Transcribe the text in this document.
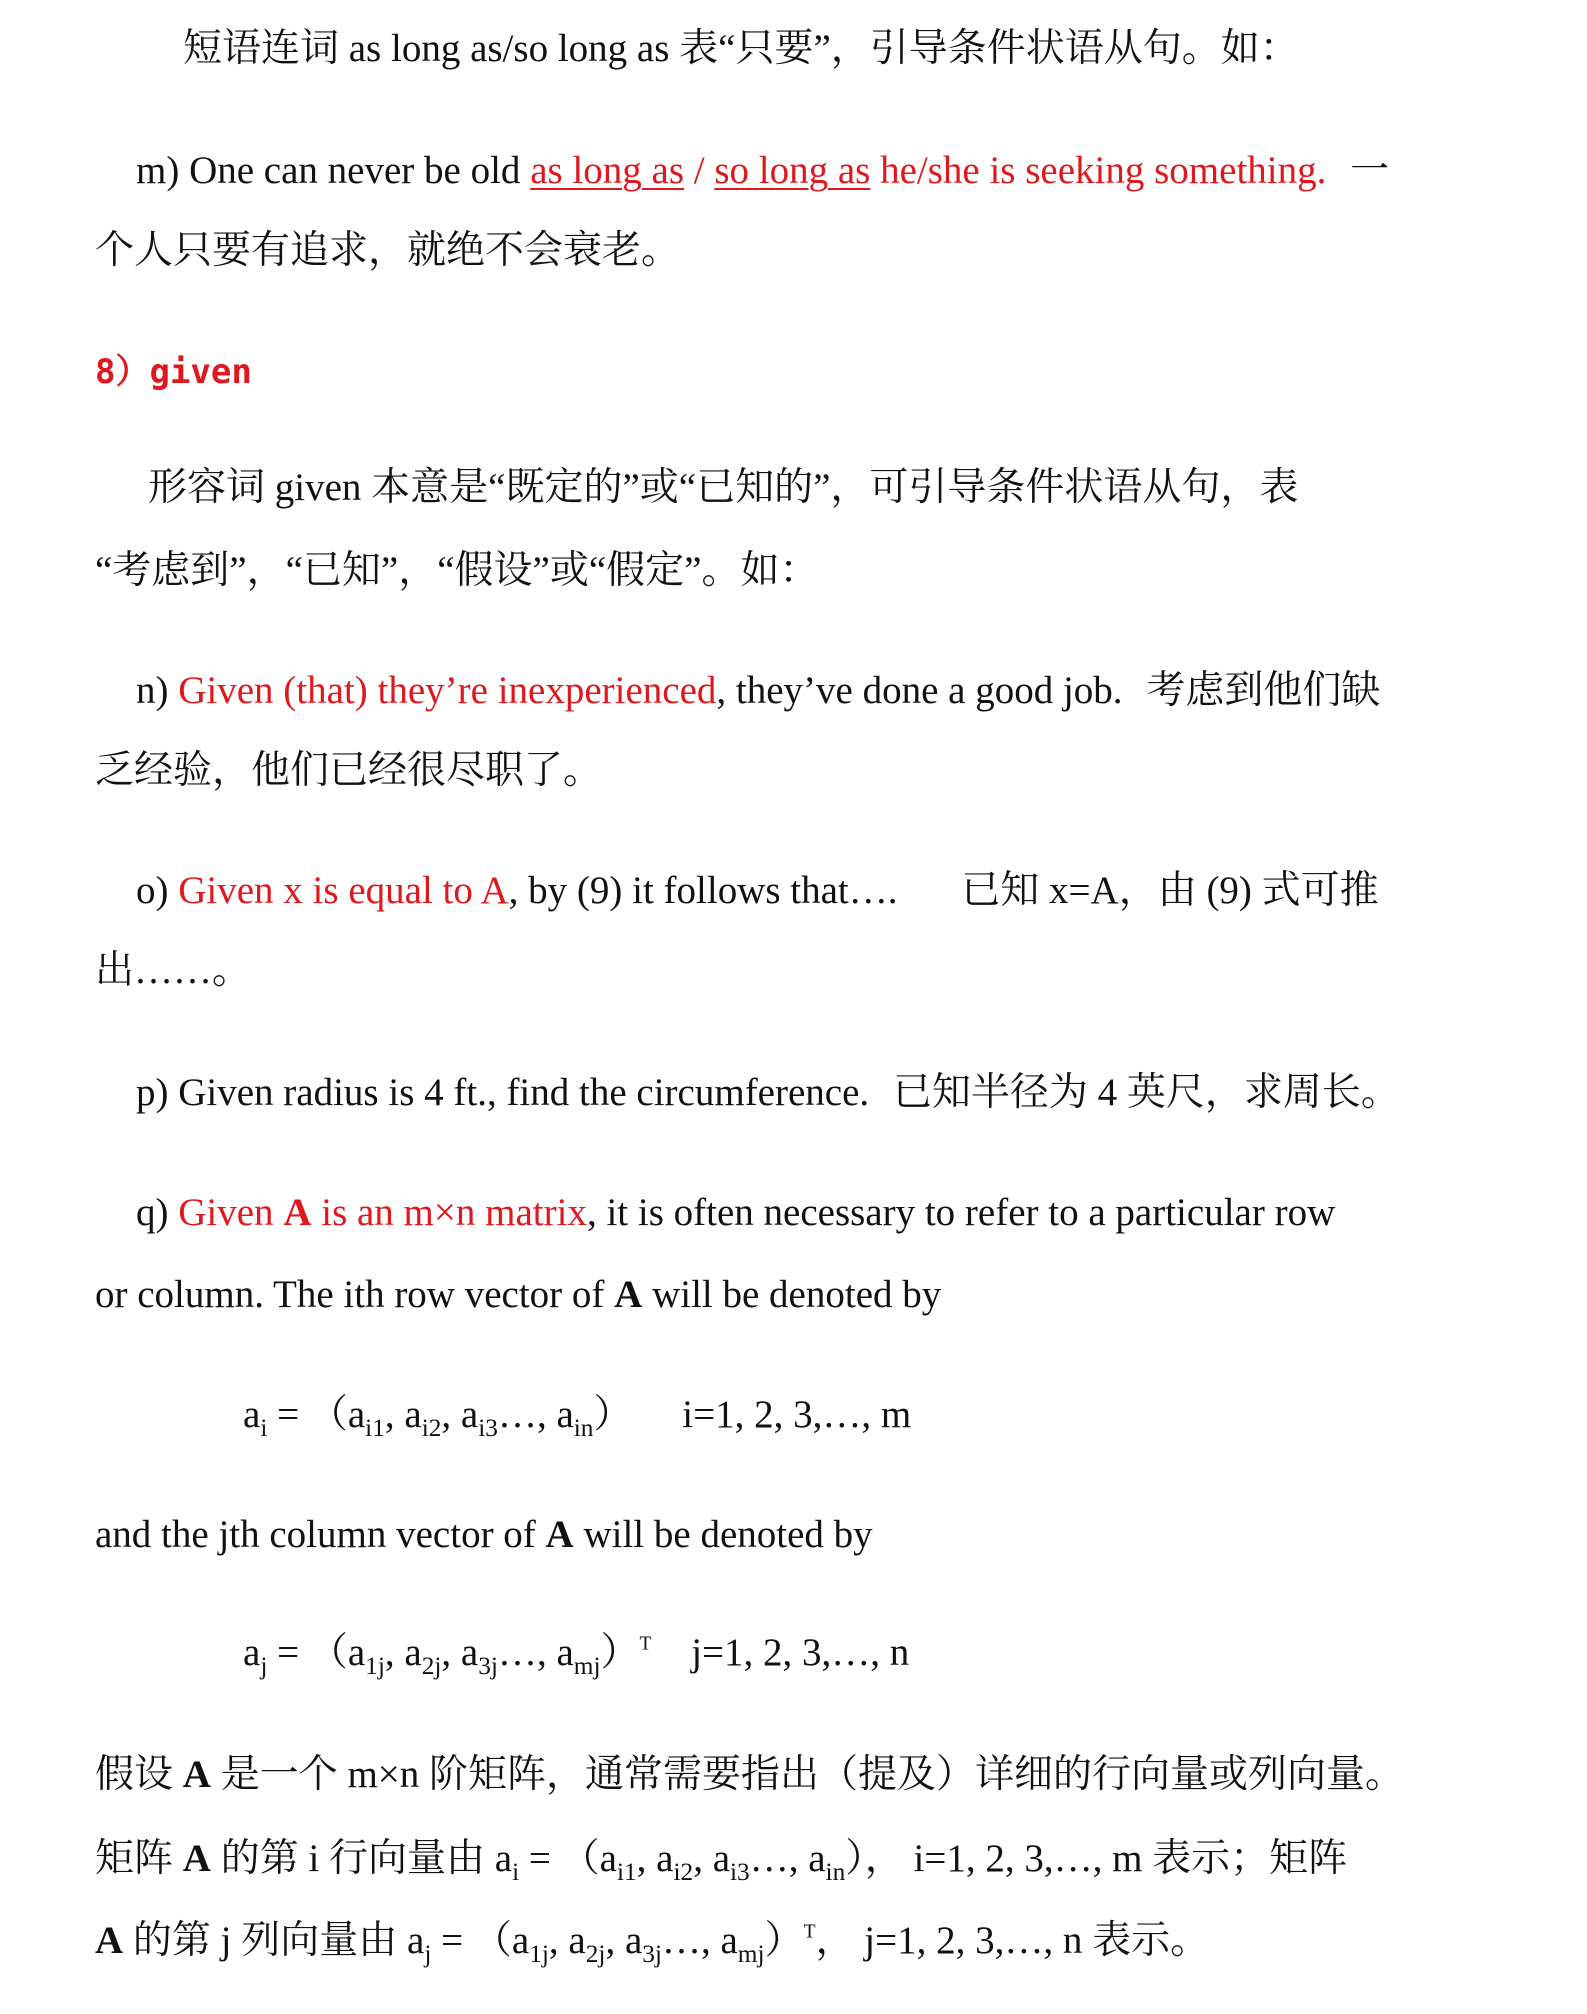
短语连词 as long as/so long as 表“只要”，引导条件状语从句。如：
m) One can never be old as long as / so long as he/she is seeking something. 一
个人只要有追求，就绝不会衰老。
8）given
形容词 given 本意是“既定的”或“已知的”，可引导条件状语从句，表
“考虑到”，“已知”，“假设”或“假定”。如：
n) Given (that) they’re inexperienced, they’ve done a good job. 考虑到他们缺
乏经验，他们已经很尽职了。
o) Given x is equal to A, by (9) it follows that…. 已知 x=A，由 (9) 式可推
出……。
p) Given radius is 4 ft., find the circumference. 已知半径为 4 英尺，求周长。
q) Given A is an m×n matrix, it is often necessary to refer to a particular row
or column. The ith row vector of A will be denoted by
$a_i = (a_{i1}$, $a_{i2}$, $a_{i3}\dots$, $a_{in}$） i=1, 2, 3,…, m
and the jth column vector of A will be denoted by
$a_j = (a_{1j}$, $a_{2j}$, $a_{3j}\dots$, $a_{mj})^T$ j=1, 2, 3,…, n
假设 A 是一个 m×n 阶矩阵，通常需要指出（提及）详细的行向量或列向量。
矩阵 A 的第 i 行向量由 $a_i = (a_{i1}$, $a_{i2}$, $a_{i3}\dots$, $a_{in}$）， i=1, 2, 3,…, m 表示；矩阵
A 的第 j 列向量由 $a_j = (a_{1j}$, $a_{2j}$, $a_{3j}\dots$, $a_{mj})^T$， j=1, 2, 3,…, n 表示。
